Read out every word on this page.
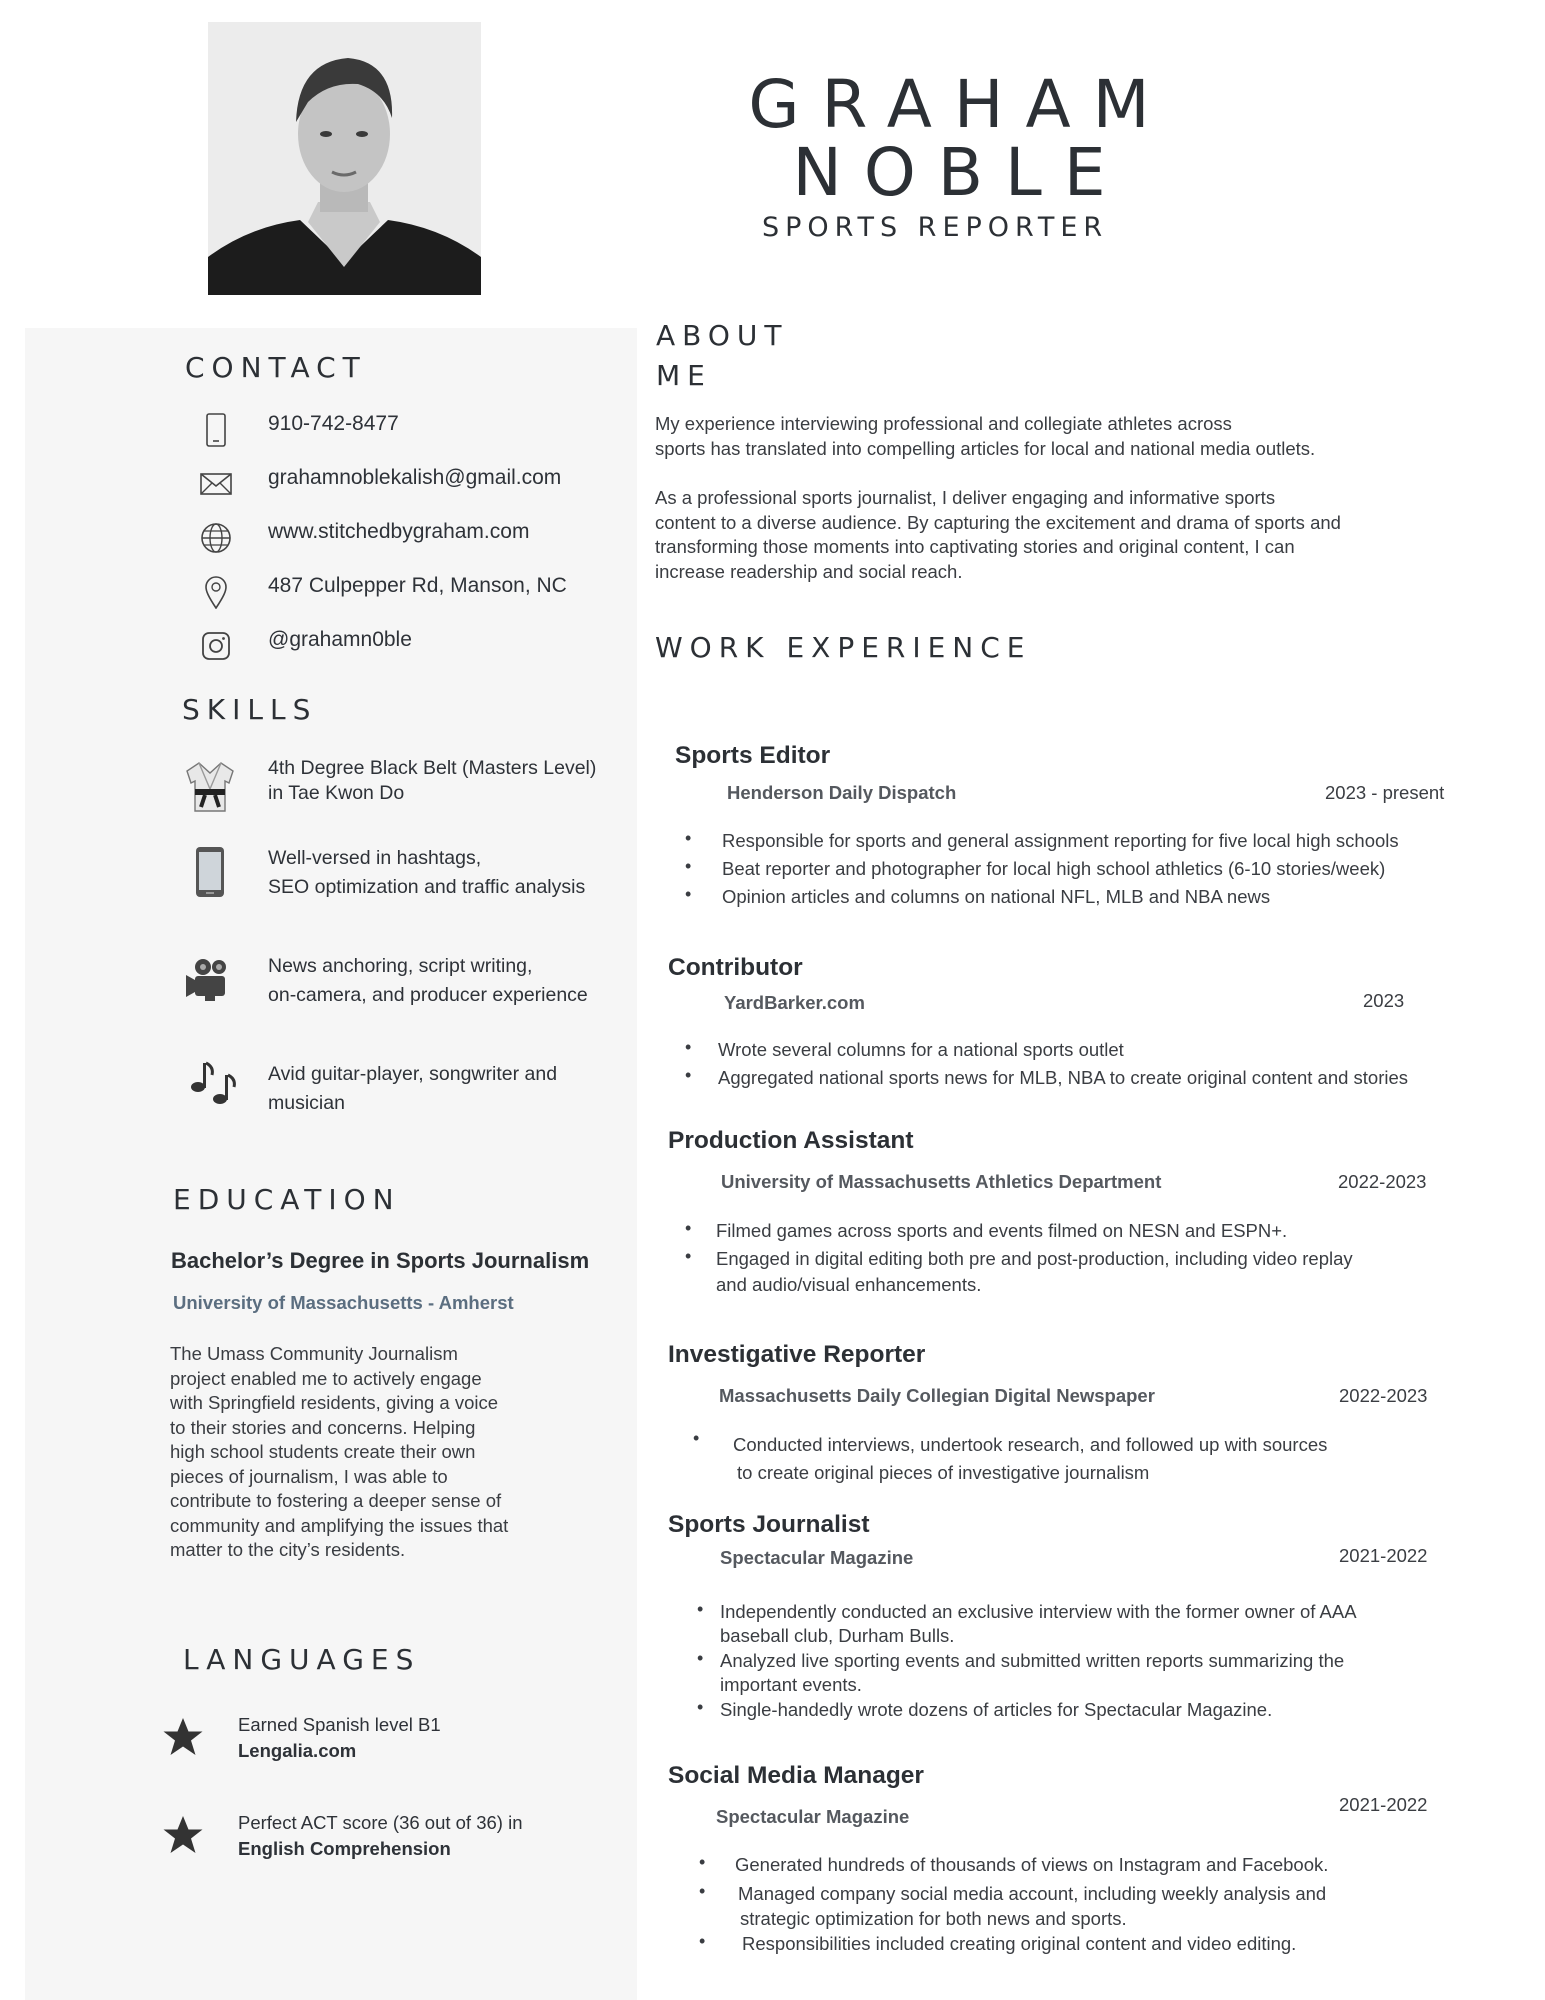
GRAHAM
NOBLE
SPORTS REPORTER
CONTACT
910-742-8477
grahamnoblekalish@gmail.com
www.stitchedbygraham.com
487 Culpepper Rd, Manson, NC
@grahamn0ble
SKILLS
4th Degree Black Belt (Masters Level)
in Tae Kwon Do
Well-versed in hashtags,
SEO optimization and traffic analysis
News anchoring, script writing,
on-camera, and producer experience
Avid guitar-player, songwriter and
musician
EDUCATION
Bachelor’s Degree in Sports Journalism
University of Massachusetts - Amherst
The Umass Community Journalism
project enabled me to actively engage
with Springfield residents, giving a voice
to their stories and concerns. Helping
high school students create their own
pieces of journalism, I was able to
contribute to fostering a deeper sense of
community and amplifying the issues that
matter to the city’s residents.
LANGUAGES
Earned Spanish level B1
Lengalia.com
Perfect ACT score (36 out of 36) in
English Comprehension
ABOUT
ME
My experience interviewing professional and collegiate athletes across
sports has translated into compelling articles for local and national media outlets.
As a professional sports journalist, I deliver engaging and informative sports
content to a diverse audience. By capturing the excitement and drama of sports and
transforming those moments into captivating stories and original content, I can
increase readership and social reach.
WORK EXPERIENCE
Sports Editor
Henderson Daily Dispatch	2023 - present
• Responsible for sports and general assignment reporting for five local high schools
• Beat reporter and photographer for local high school athletics (6-10 stories/week)
• Opinion articles and columns on national NFL, MLB and NBA news
Contributor
YardBarker.com	2023
• Wrote several columns for a national sports outlet
• Aggregated national sports news for MLB, NBA to create original content and stories
Production Assistant
University of Massachusetts Athletics Department	2022-2023
• Filmed games across sports and events filmed on NESN and ESPN+.
• Engaged in digital editing both pre and post-production, including video replay
and audio/visual enhancements.
Investigative Reporter
Massachusetts Daily Collegian Digital Newspaper	2022-2023
• Conducted interviews, undertook research, and followed up with sources
to create original pieces of investigative journalism
Sports Journalist
Spectacular Magazine	2021-2022
• Independently conducted an exclusive interview with the former owner of AAA
baseball club, Durham Bulls.
• Analyzed live sporting events and submitted written reports summarizing the
important events.
• Single-handedly wrote dozens of articles for Spectacular Magazine.
Social Media Manager
Spectacular Magazine
2021-2022
• Generated hundreds of thousands of views on Instagram and Facebook.
• Managed company social media account, including weekly analysis and
strategic optimization for both news and sports.
• Responsibilities included creating original content and video editing.
